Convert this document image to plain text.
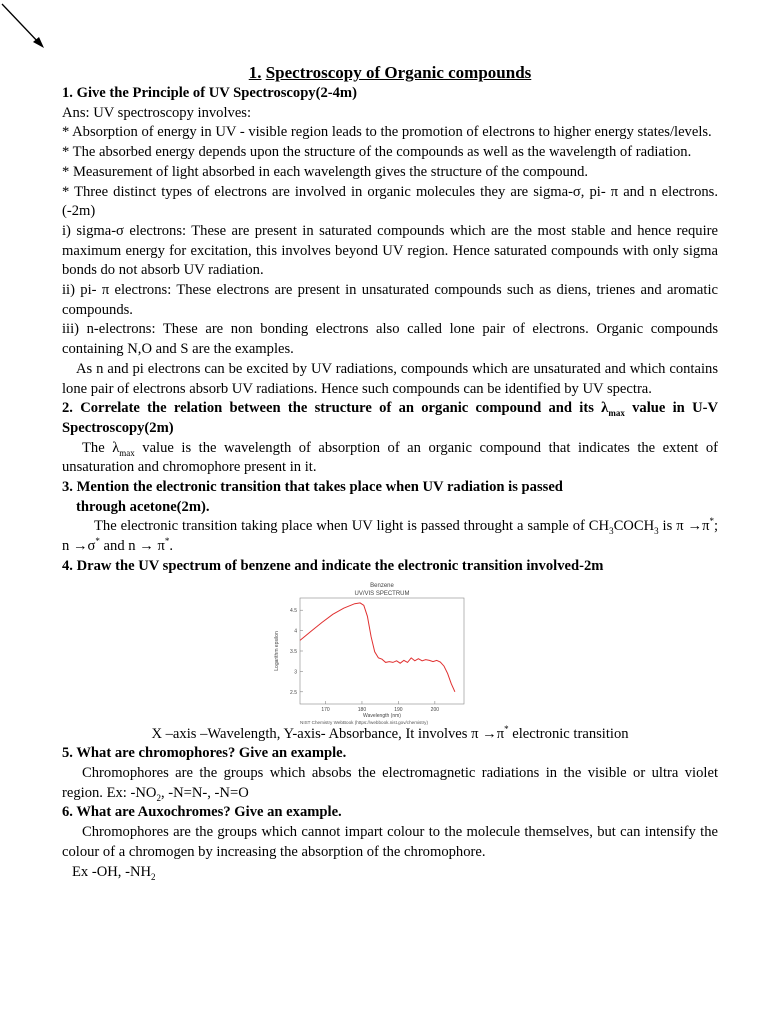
1. Spectroscopy of Organic compounds

1. Give the Principle of UV Spectroscopy(2-4m)

Ans: UV spectroscopy involves:

* Absorption of energy in UV - visible region leads to the promotion of electrons to higher energy states/levels.

* The absorbed energy depends upon the structure of the compounds as well as the wavelength of radiation.

* Measurement of light absorbed in each wavelength gives the structure of the compound.

* Three distinct types of electrons are involved in organic molecules they are sigma-σ, pi- π and n electrons.(-2m)

i) sigma-σ electrons: These are present in saturated compounds which are the most stable and hence require maximum energy for excitation, this involves beyond UV region. Hence saturated compounds with only sigma bonds do not absorb UV radiation.

ii) pi- π electrons: These electrons are present in unsaturated compounds such as diens, trienes and aromatic compounds.

iii) n-electrons: These are non bonding electrons also called lone pair of electrons. Organic compounds containing N,O and S are the examples.

As n and pi electrons can be excited by UV radiations, compounds which are unsaturated and which contains lone pair of electrons absorb UV radiations. Hence such compounds can be identified by UV spectra.

2. Correlate the relation between the structure of an organic compound and its $\lambda_{max}$ value in U-V Spectroscopy(2m)

The $\lambda_{max}$ value is the wavelength of absorption of an organic compound that indicates the extent of unsaturation and chromophore present in it.

3. Mention the electronic transition that takes place when UV radiation is passed

through acetone(2m).

The electronic transition taking place when UV light is passed throught a sample of $CH_3COCH_3$ is π →π*; n →σ* and n → π*.

4. Draw the UV spectrum of benzene and indicate the electronic transition involved-2m

Benzene
UV/VIS SPECTRUM
2.5
3
3.5
4
4.5
170	180	190	200
Logarithm epsilon
Wavelength (nm)
NIST Chemistry WebBook (https://webbook.nist.gov/chemistry)

X –axis –Wavelength, Y-axis- Absorbance, It involves π →π* electronic transition

5. What are chromophores? Give an example.

Chromophores are the groups which absobs the electromagnetic radiations in the visible or ultra violet region. Ex: $-NO_2$, -N=N-, -N=O

6. What are Auxochromes? Give an example.

Chromophores are the groups which cannot impart colour to the molecule themselves, but can intensify the colour of a chromogen by increasing the absorption of the chromophore.

Ex -OH, $-NH_2$
